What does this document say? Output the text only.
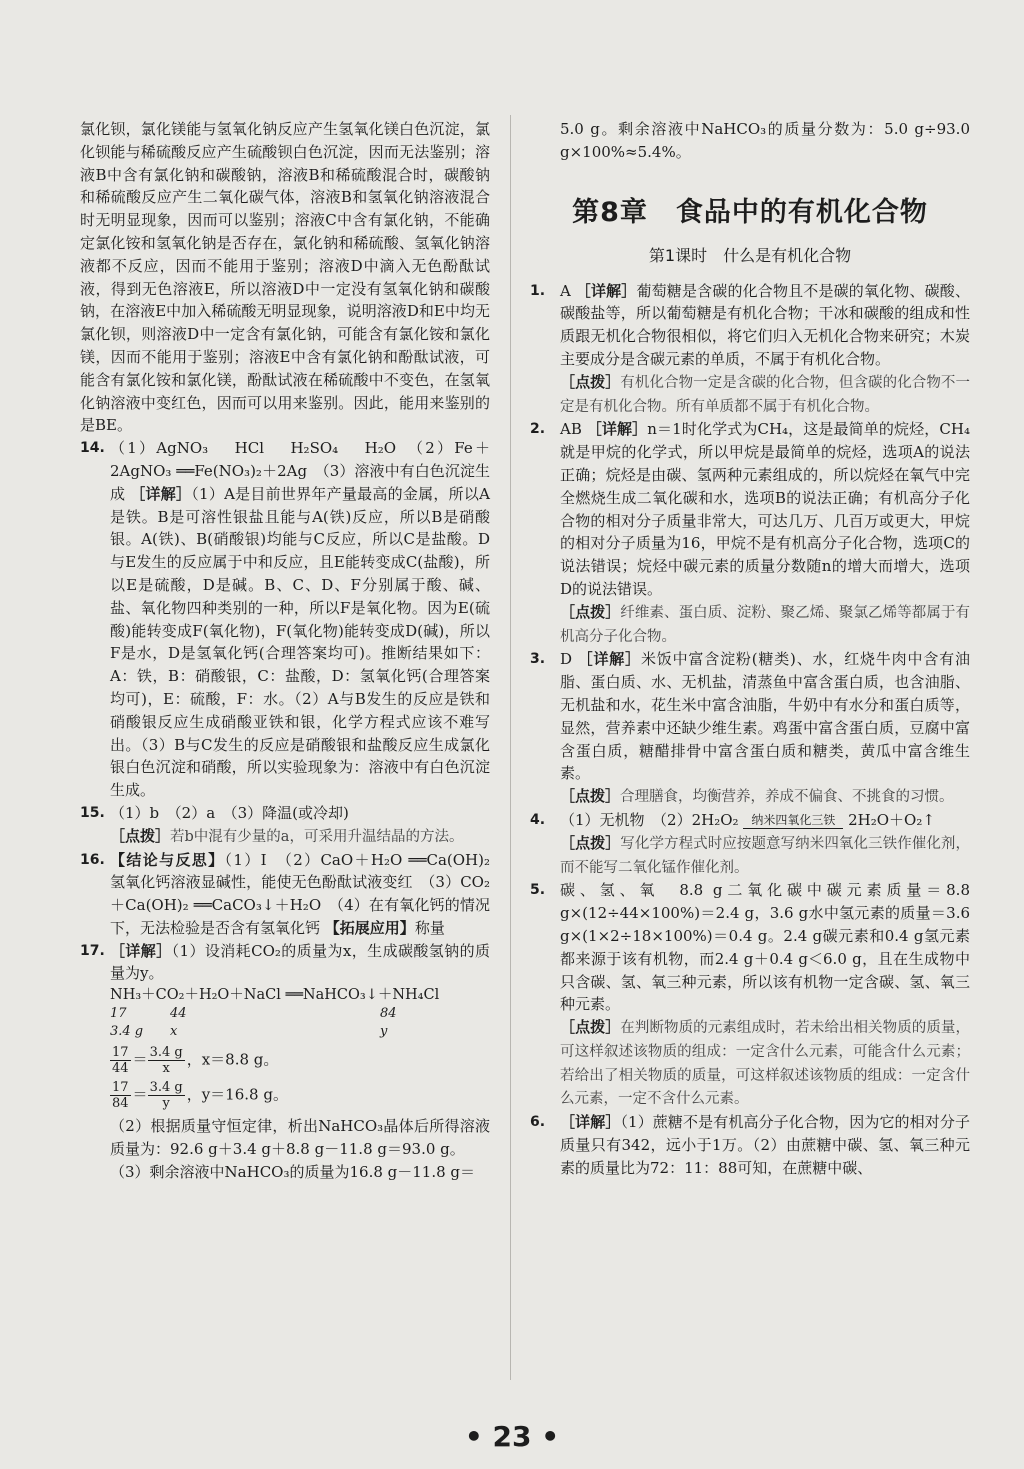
氯化钡，氯化镁能与氢氧化钠反应产生氢氧化镁白色沉淀，氯化钡能与稀硫酸反应产生硫酸钡白色沉淀，因而无法鉴别；溶液B中含有氯化钠和碳酸钠，溶液B和稀硫酸混合时，碳酸钠和稀硫酸反应产生二氧化碳气体，溶液B和氢氧化钠溶液混合时无明显现象，因而可以鉴别；溶液C中含有氯化钠，不能确定氯化铵和氢氧化钠是否存在，氯化钠和稀硫酸、氢氧化钠溶液都不反应，因而不能用于鉴别；溶液D中滴入无色酚酞试液，得到无色溶液E，所以溶液D中一定没有氢氧化钠和碳酸钠，在溶液E中加入稀硫酸无明显现象，说明溶液D和E中均无氯化钡，则溶液D中一定含有氯化钠，可能含有氯化铵和氯化镁，因而不能用于鉴别；溶液E中含有氯化钠和酚酞试液，可能含有氯化铵和氯化镁，酚酞试液在稀硫酸中不变色，在氢氧化钠溶液中变红色，因而可以用来鉴别。因此，能用来鉴别的是BE。

14. （1）AgNO₃　 HCl　 H₂SO₄　 H₂O　（2）Fe＋2AgNO₃ ══Fe(NO₃)₂＋2Ag　（3）溶液中有白色沉淀生成 ［详解］（1）A是目前世界年产量最高的金属，所以A是铁。B是可溶性银盐且能与A(铁)反应，所以B是硝酸银。A(铁)、B(硝酸银)均能与C反应，所以C是盐酸。D与E发生的反应属于中和反应，且E能转变成C(盐酸)，所以E是硫酸，D是碱。B、C、D、F分别属于酸、碱、盐、氧化物四种类别的一种，所以F是氧化物。因为E(硫酸)能转变成F(氧化物)，F(氧化物)能转变成D(碱)，所以F是水，D是氢氧化钙(合理答案均可)。推断结果如下：A：铁，B：硝酸银，C：盐酸，D：氢氧化钙(合理答案均可)，E：硫酸，F：水。（2）A与B发生的反应是铁和硝酸银反应生成硝酸亚铁和银，化学方程式应该不难写出。（3）B与C发生的反应是硝酸银和盐酸反应生成氯化银白色沉淀和硝酸，所以实验现象为：溶液中有白色沉淀生成。
15. （1）b　（2）a　（3）降温(或冷却)
［点拨］若b中混有少量的a，可采用升温结晶的方法。
16. 【结论与反思】（1）Ⅰ　（2）CaO＋H₂O ══Ca(OH)₂　氢氧化钙溶液显碱性，能使无色酚酞试液变红　（3）CO₂＋Ca(OH)₂ ══CaCO₃↓＋H₂O　（4）在有氧化钙的情况下，无法检验是否含有氢氧化钙 【拓展应用】称量
17. ［详解］（1）设消耗CO₂的质量为x，生成碳酸氢钠的质量为y。
NH₃＋CO₂＋H₂O＋NaCl ══NaHCO₃↓＋NH₄Cl
17	44	84
3.4 g	x	y
$\frac{17}{44} = \frac{3.4 g}{x}$ ，x＝8.8 g。
$\frac{17}{84} = \frac{3.4 g}{y}$ ，y＝16.8 g。
（2）根据质量守恒定律，析出NaHCO₃晶体后所得溶液质量为：92.6 g＋3.4 g＋8.8 g－11.8 g＝93.0 g。
（3）剩余溶液中NaHCO₃的质量为16.8 g－11.8 g＝

5.0 g。剩余溶液中NaHCO₃的质量分数为：5.0 g÷93.0 g×100%≈5.4%。

第8章　食品中的有机化合物
第1课时　什么是有机化合物
1. A ［详解］葡萄糖是含碳的化合物且不是碳的氧化物、碳酸、碳酸盐等，所以葡萄糖是有机化合物；干冰和碳酸的组成和性质跟无机化合物很相似，将它们归入无机化合物来研究；木炭主要成分是含碳元素的单质，不属于有机化合物。
［点拨］有机化合物一定是含碳的化合物，但含碳的化合物不一定是有机化合物。所有单质都不属于有机化合物。
2. AB ［详解］n＝1时化学式为CH₄，这是最简单的烷烃，CH₄就是甲烷的化学式，所以甲烷是最简单的烷烃，选项A的说法正确；烷烃是由碳、氢两种元素组成的，所以烷烃在氧气中完全燃烧生成二氧化碳和水，选项B的说法正确；有机高分子化合物的相对分子质量非常大，可达几万、几百万或更大，甲烷的相对分子质量为16，甲烷不是有机高分子化合物，选项C的说法错误；烷烃中碳元素的质量分数随n的增大而增大，选项D的说法错误。
［点拨］纤维素、蛋白质、淀粉、聚乙烯、聚氯乙烯等都属于有机高分子化合物。
3. D ［详解］米饭中富含淀粉(糖类)、水，红烧牛肉中含有油脂、蛋白质、水、无机盐，清蒸鱼中富含蛋白质，也含油脂、无机盐和水，花生米中富含油脂，牛奶中有水分和蛋白质等，显然，营养素中还缺少维生素。鸡蛋中富含蛋白质，豆腐中富含蛋白质，糖醋排骨中富含蛋白质和糖类，黄瓜中富含维生素。
［点拨］合理膳食，均衡营养，养成不偏食、不挑食的习惯。
4. （1）无机物　（2）2H₂O₂ 纳米四氧化三铁 2H₂O＋O₂↑
［点拨］写化学方程式时应按题意写纳米四氧化三铁作催化剂，而不能写二氧化锰作催化剂。
5. 碳、氢、氧　8.8 g二氧化碳中碳元素质量＝8.8 g×(12÷44×100%)＝2.4 g，3.6 g水中氢元素的质量＝3.6 g×(1×2÷18×100%)＝0.4 g。2.4 g碳元素和0.4 g氢元素都来源于该有机物，而2.4 g＋0.4 g＜6.0 g，且在生成物中只含碳、氢、氧三种元素，所以该有机物一定含碳、氢、氧三种元素。
［点拨］在判断物质的元素组成时，若未给出相关物质的质量，可这样叙述该物质的组成：一定含什么元素，可能含什么元素；若给出了相关物质的质量，可这样叙述该物质的组成：一定含什么元素，一定不含什么元素。
6. ［详解］（1）蔗糖不是有机高分子化合物，因为它的相对分子质量只有342，远小于1万。（2）由蔗糖中碳、氢、氧三种元素的质量比为72：11：88可知，在蔗糖中碳、
• 23 •
